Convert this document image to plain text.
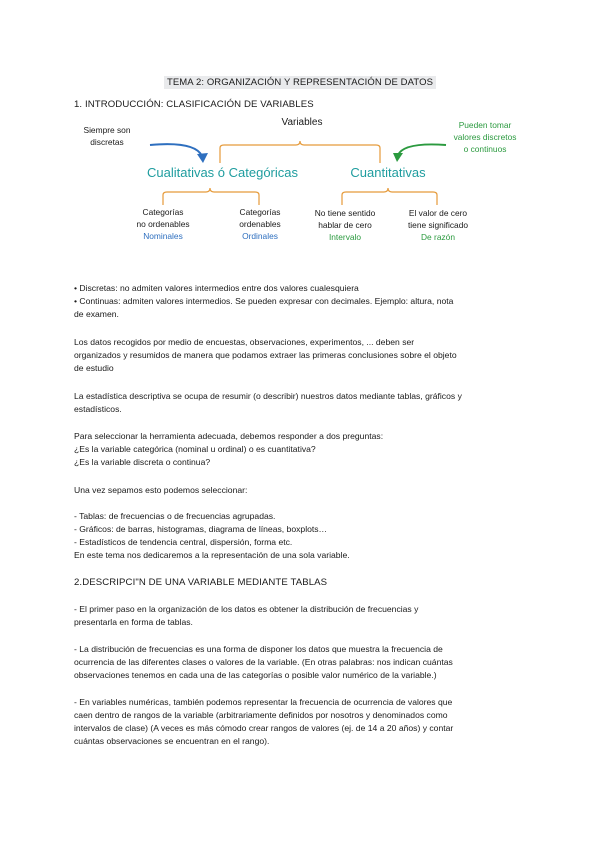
TEMA 2: ORGANIZACIÓN Y REPRESENTACIÓN DE DATOS
1. INTRODUCCIÓN: CLASIFICACIÓN DE VARIABLES
Variables
Siempre son
discretas
Pueden tomar
valores discretos
o continuos
Cualitativas ó Categóricas	Cuantitativas
Categorías
no ordenables
Nominales
Categorías
ordenables
Ordinales
No tiene sentido
hablar de cero
Intervalo
El valor de cero
tiene significado
De razón
• Discretas: no admiten valores intermedios entre dos valores cualesquiera
• Continuas: admiten valores intermedios. Se pueden expresar con decimales. Ejemplo: altura, nota
de examen.
Los datos recogidos por medio de encuestas, observaciones, experimentos, ... deben ser
organizados y resumidos de manera que podamos extraer las primeras conclusiones sobre el objeto
de estudio
La estadística descriptiva se ocupa de resumir (o describir) nuestros datos mediante tablas, gráficos y
estadísticos.
Para seleccionar la herramienta adecuada, debemos responder a dos preguntas:
¿Es la variable categórica (nominal u ordinal) o es cuantitativa?
¿Es la variable discreta o continua?
Una vez sepamos esto podemos seleccionar:
- Tablas: de frecuencias o de frecuencias agrupadas.
- Gráficos: de barras, histogramas, diagrama de líneas, boxplots…
- Estadísticos de tendencia central, dispersión, forma etc.
En este tema nos dedicaremos a la representación de una sola variable.
2.DESCRIPCI"N DE UNA VARIABLE MEDIANTE TABLAS
- El primer paso en la organización de los datos es obtener la distribución de frecuencias y
presentarla en forma de tablas.
- La distribución de frecuencias es una forma de disponer los datos que muestra la frecuencia de
ocurrencia de las diferentes clases o valores de la variable. (En otras palabras: nos indican cuántas
observaciones tenemos en cada una de las categorías o posible valor numérico de la variable.)
- En variables numéricas, también podemos representar la frecuencia de ocurrencia de valores que
caen dentro de rangos de la variable (arbitrariamente definidos por nosotros y denominados como
intervalos de clase) (A veces es más cómodo crear rangos de valores (ej. de 14 a 20 años) y contar
cuántas observaciones se encuentran en el rango).
